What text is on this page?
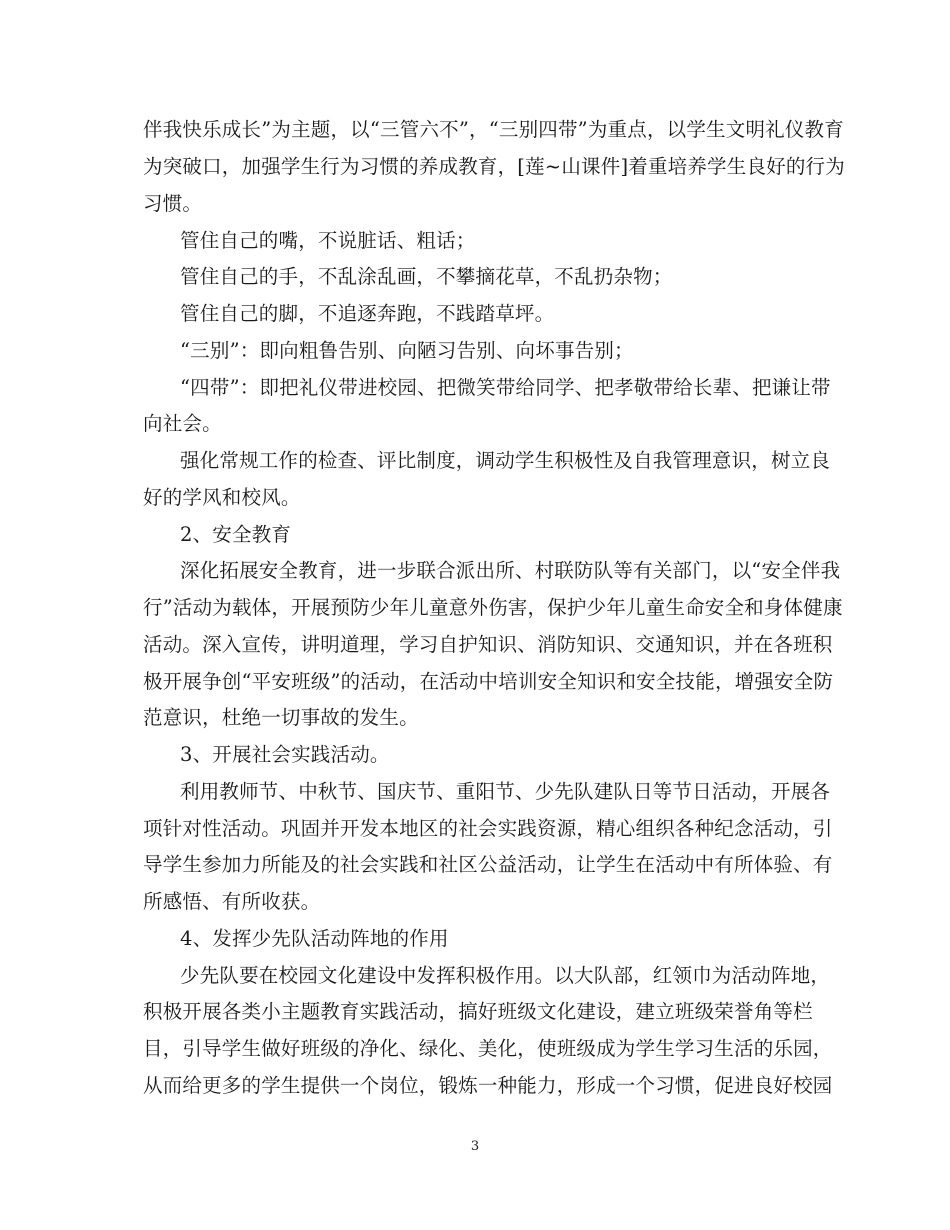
伴我快乐成长”为主题，以“三管六不”，“三别四带”为重点，以学生文明礼仪教育
为突破口，加强学生行为习惯的养成教育，[莲~山课件]着重培养学生良好的行为
习惯。
管住自己的嘴，不说脏话、粗话；
管住自己的手，不乱涂乱画，不攀摘花草，不乱扔杂物；
管住自己的脚，不追逐奔跑，不践踏草坪。
“三别”：即向粗鲁告别、向陋习告别、向坏事告别；
“四带”：即把礼仪带进校园、把微笑带给同学、把孝敬带给长辈、把谦让带
向社会。
强化常规工作的检查、评比制度，调动学生积极性及自我管理意识，树立良
好的学风和校风。
2、安全教育
深化拓展安全教育，进一步联合派出所、村联防队等有关部门，以“安全伴我
行”活动为载体，开展预防少年儿童意外伤害，保护少年儿童生命安全和身体健康
活动。深入宣传，讲明道理，学习自护知识、消防知识、交通知识，并在各班积
极开展争创“平安班级”的活动，在活动中培训安全知识和安全技能，增强安全防
范意识，杜绝一切事故的发生。
3、开展社会实践活动。
利用教师节、中秋节、国庆节、重阳节、少先队建队日等节日活动，开展各
项针对性活动。巩固并开发本地区的社会实践资源，精心组织各种纪念活动，引
导学生参加力所能及的社会实践和社区公益活动，让学生在活动中有所体验、有
所感悟、有所收获。
4、发挥少先队活动阵地的作用
少先队要在校园文化建设中发挥积极作用。以大队部，红领巾为活动阵地，
积极开展各类小主题教育实践活动，搞好班级文化建设，建立班级荣誉角等栏
目，引导学生做好班级的净化、绿化、美化，使班级成为学生学习生活的乐园，
从而给更多的学生提供一个岗位，锻炼一种能力，形成一个习惯，促进良好校园
3
